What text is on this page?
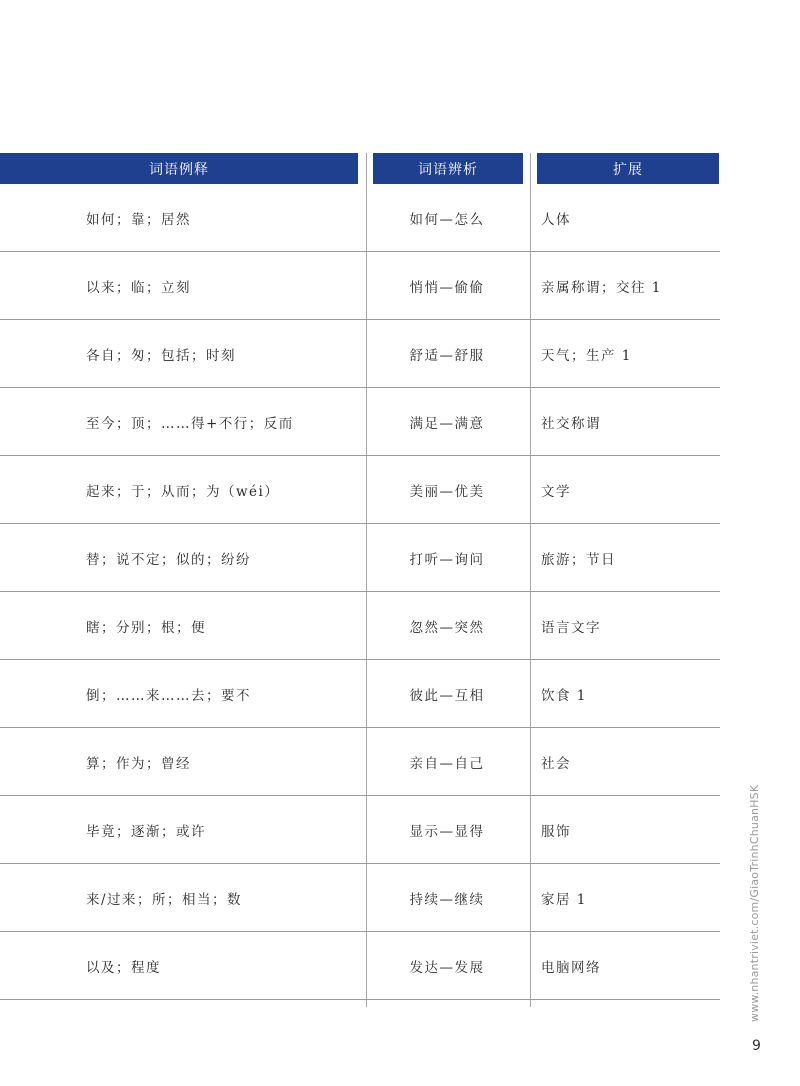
词语例释	词语辨析	扩展
如何；靠；居然	如何—怎么	人体
以来；临；立刻	悄悄—偷偷	亲属称谓；交往 1
各自；匆；包括；时刻	舒适—舒服	天气；生产 1
至今；顶；……得+不行；反而	满足—满意	社交称谓
起来；于；从而；为（wéi）	美丽—优美	文学
替；说不定；似的；纷纷	打听—询问	旅游；节日
瞎；分别；根；便	忽然—突然	语言文字
倒；……来……去；要不	彼此—互相	饮食 1
算；作为；曾经	亲自—自己	社会
毕竟；逐渐；或许	显示—显得	服饰
来/过来；所；相当；数	持续—继续	家居 1
以及；程度	发达—发展	电脑网络	www.nhantriviet.com/GiaoTrinhChuanHSK
9
